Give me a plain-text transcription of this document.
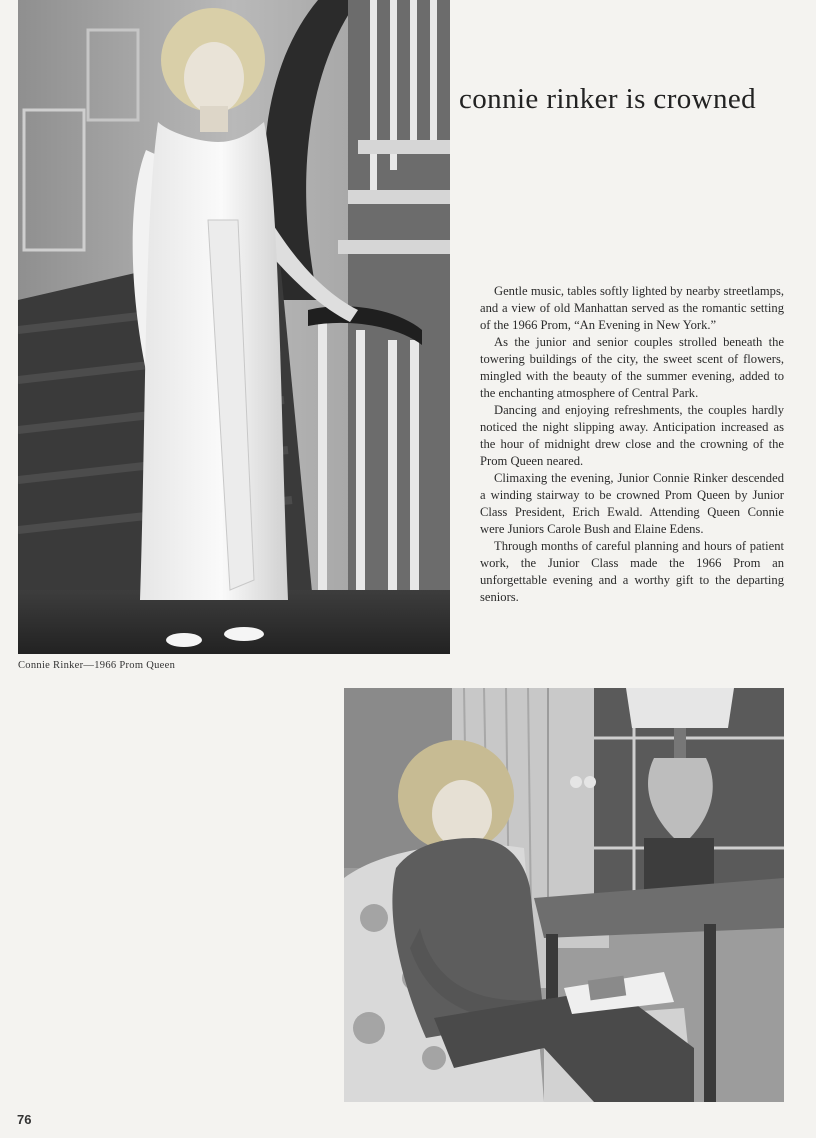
Connie Rinker—1966 Prom Queen
connie rinker is crowned

Gentle music, tables softly lighted by nearby streetlamps, and a view of old Manhattan served as the romantic setting of the 1966 Prom, “An Evening in New York.”

As the junior and senior couples strolled beneath the towering buildings of the city, the sweet scent of flowers, mingled with the beauty of the summer evening, added to the enchanting atmosphere of Central Park.

Dancing and enjoying refreshments, the couples hardly noticed the night slipping away. Anticipation increased as the hour of midnight drew close and the crowning of the Prom Queen neared.

Climaxing the evening, Junior Connie Rinker descended a winding stairway to be crowned Prom Queen by Junior Class President, Erich Ewald. Attending Queen Connie were Juniors Carole Bush and Elaine Edens.

Through months of careful planning and hours of patient work, the Junior Class made the 1966 Prom an unforgettable evening and a worthy gift to the departing seniors.

76
